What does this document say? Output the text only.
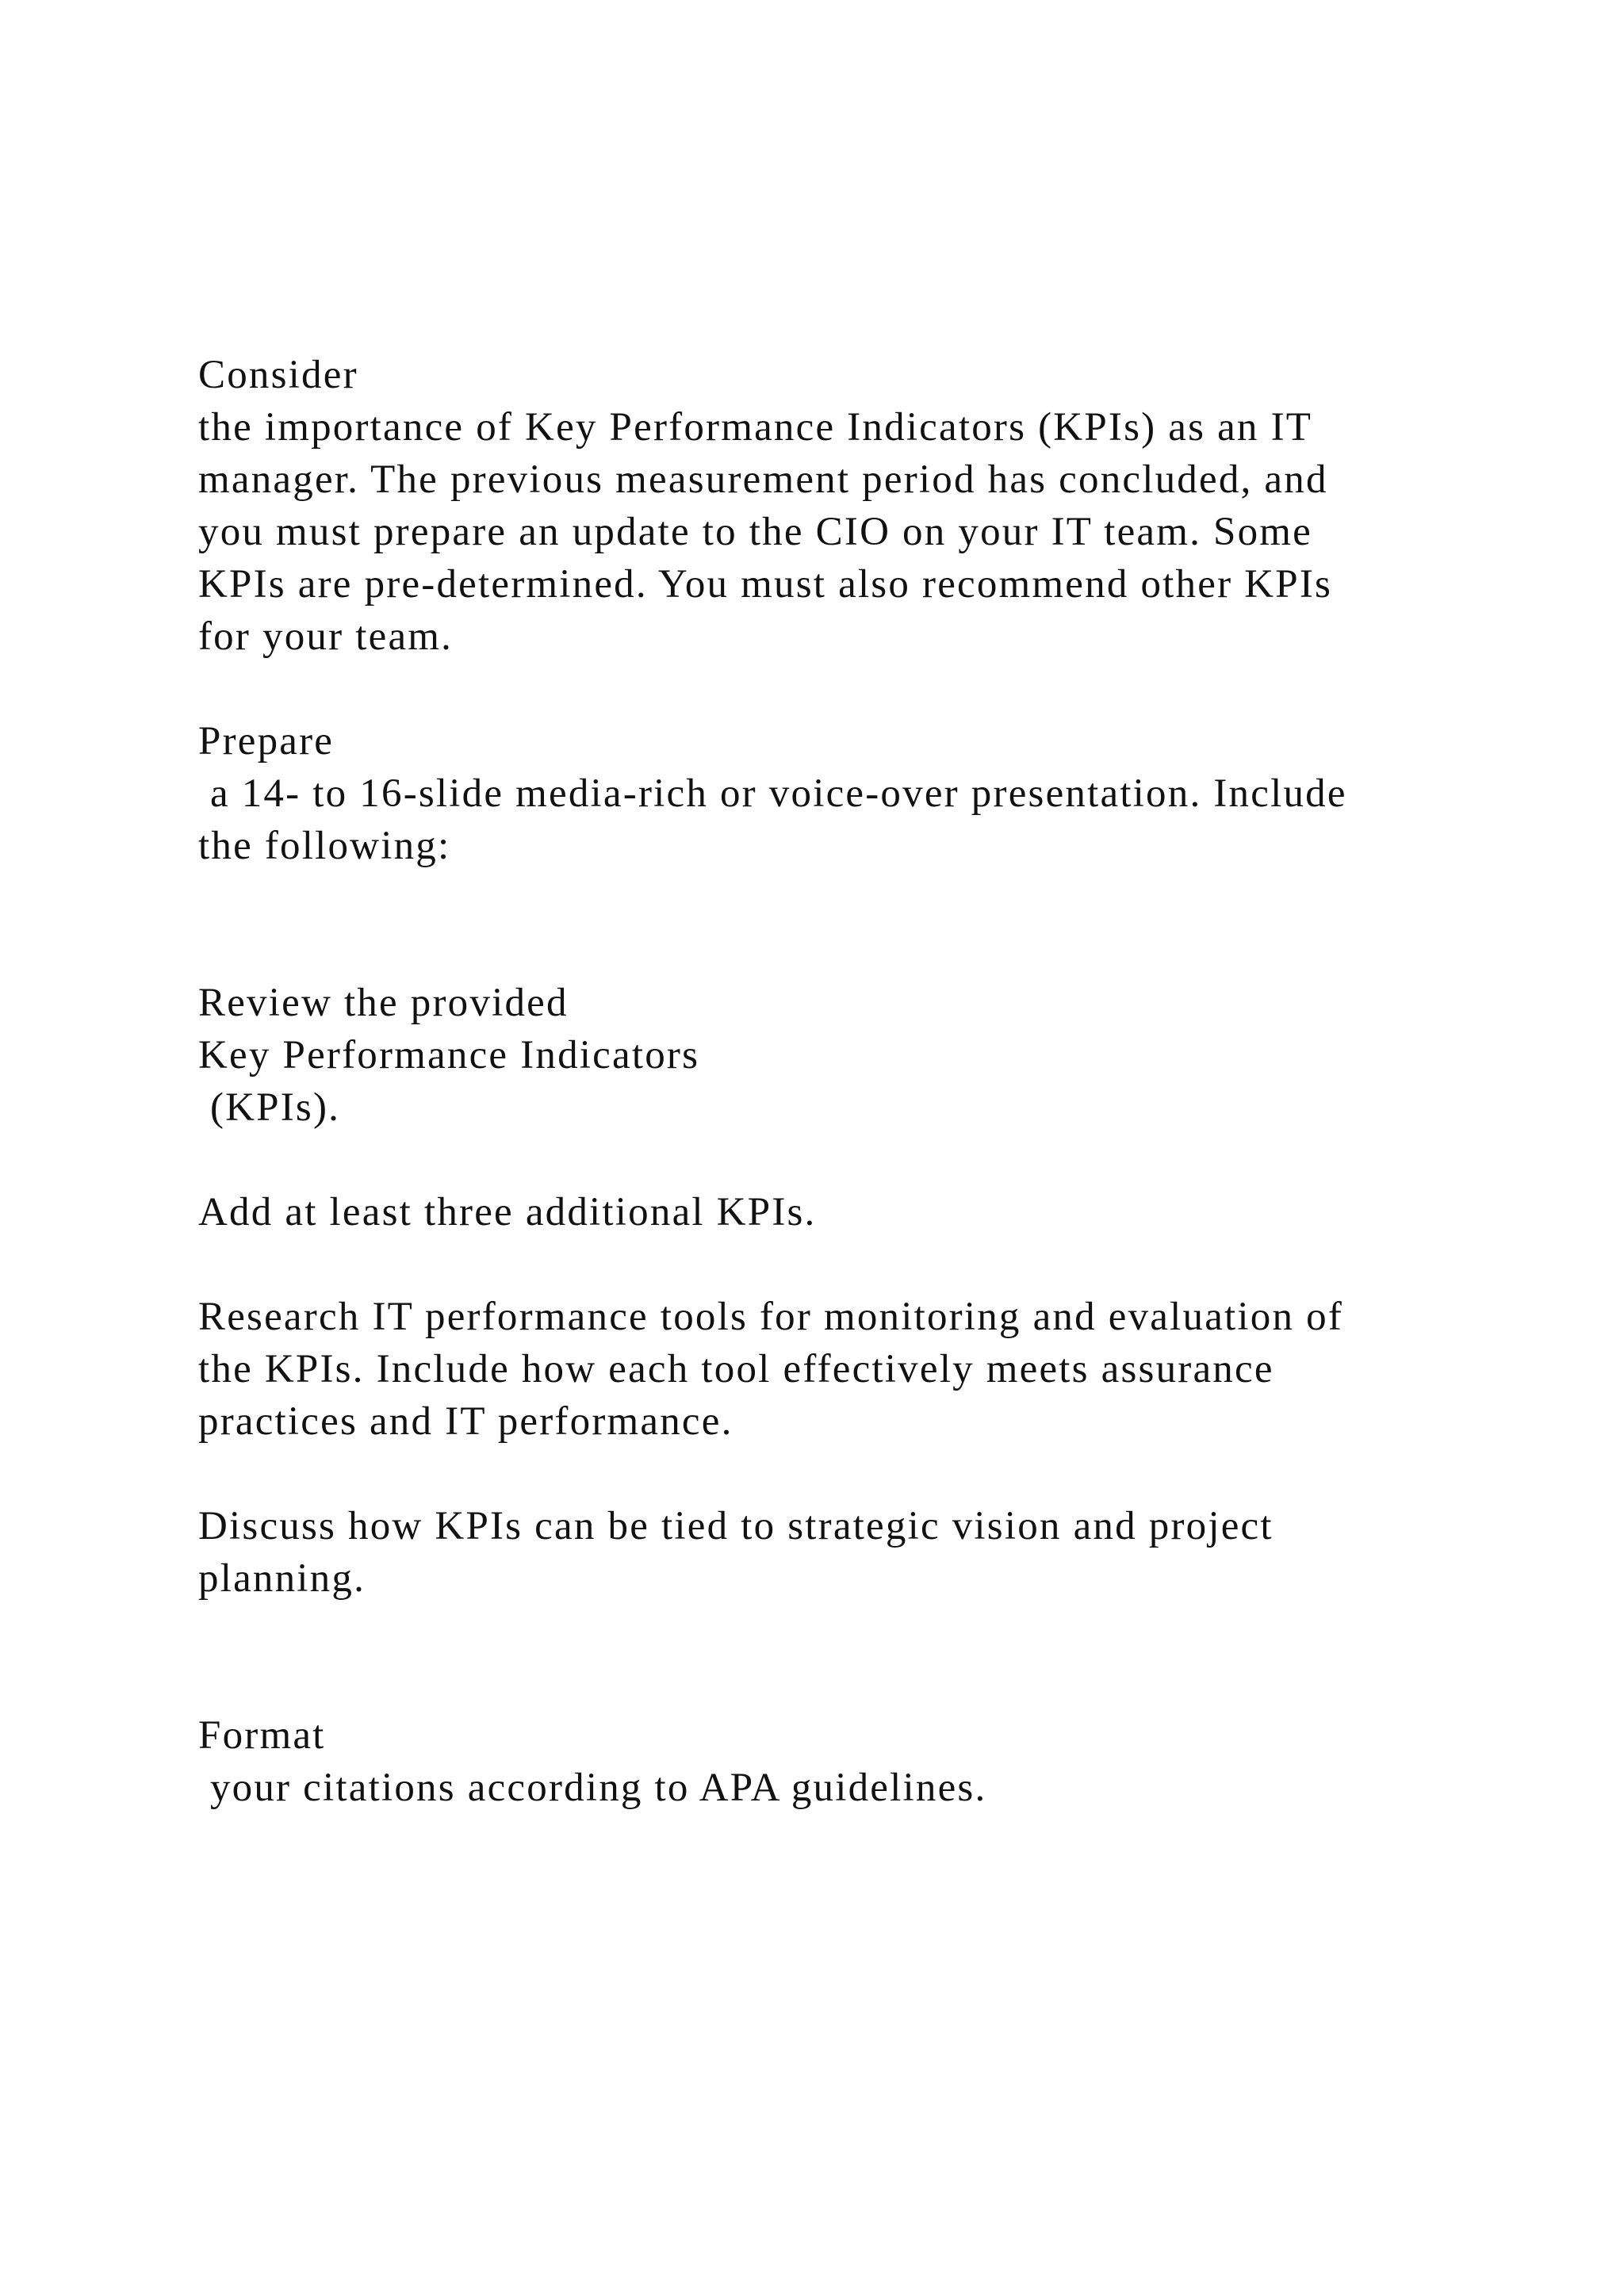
Consider
the importance of Key Performance Indicators (KPIs) as an IT
manager. The previous measurement period has concluded, and
you must prepare an update to the CIO on your IT team. Some
KPIs are pre-determined. You must also recommend other KPIs
for your team.
Prepare
a 14- to 16-slide media-rich or voice-over presentation. Include
the following:
Review the provided
Key Performance Indicators
(KPIs).
Add at least three additional KPIs.
Research IT performance tools for monitoring and evaluation of
the KPIs. Include how each tool effectively meets assurance
practices and IT performance.
Discuss how KPIs can be tied to strategic vision and project
planning.
Format
your citations according to APA guidelines.
